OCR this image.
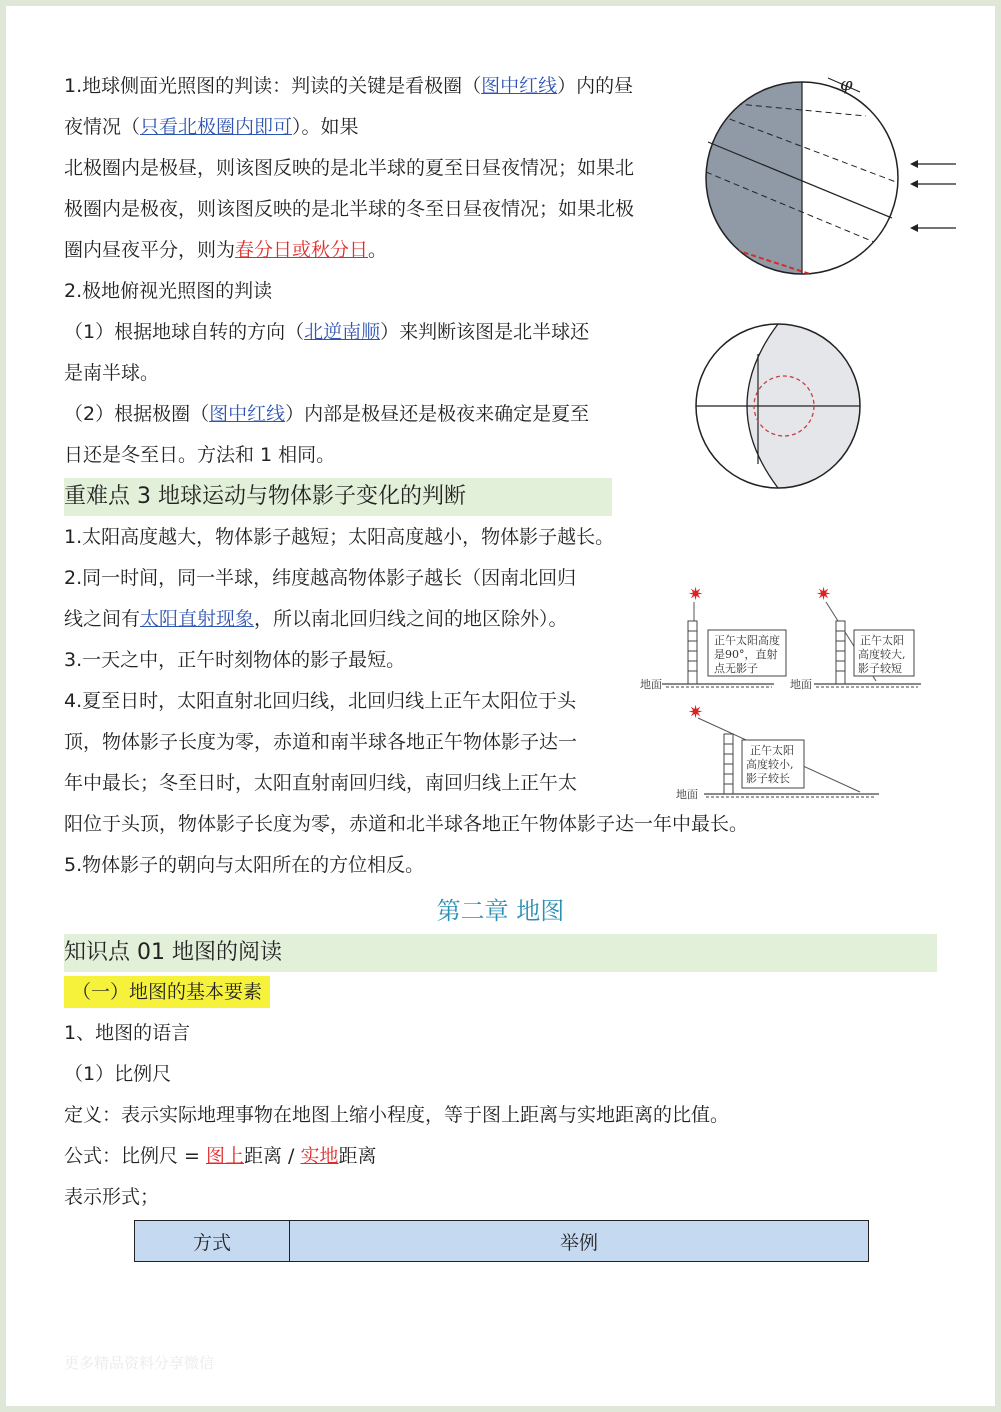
1.地球侧面光照图的判读：判读的关键是看极圈（图中红线）内的昼
夜情况（只看北极圈内即可）。如果
北极圈内是极昼，则该图反映的是北半球的夏至日昼夜情况；如果北
极圈内是极夜，则该图反映的是北半球的冬至日昼夜情况；如果北极
圈内昼夜平分，则为春分日或秋分日。
2.极地俯视光照图的判读
（1）根据地球自转的方向（北逆南顺）来判断该图是北半球还
是南半球。
（2）根据极圈（图中红线）内部是极昼还是极夜来确定是夏至
日还是冬至日。方法和 1 相同。
φ
重难点 3 地球运动与物体影子变化的判断
1.太阳高度越大，物体影子越短；太阳高度越小，物体影子越长。
2.同一时间，同一半球，纬度越高物体影子越长（因南北回归
线之间有太阳直射现象，所以南北回归线之间的地区除外）。
3.一天之中，正午时刻物体的影子最短。
4.夏至日时，太阳直射北回归线，北回归线上正午太阳位于头
顶，物体影子长度为零，赤道和南半球各地正午物体影子达一
年中最长；冬至日时，太阳直射南回归线，南回归线上正午太
阳位于头顶，物体影子长度为零，赤道和北半球各地正午物体影子达一年中最长。
5.物体影子的朝向与太阳所在的方位相反。
✷
正午太阳高度
是90°，直射
点无影子
地面
✷
正午太阳
高度较大,
影子较短
地面
✷
正午太阳
高度较小,
影子较长
地面
第二章 地图
知识点 01 地图的阅读
（一）地图的基本要素
1、地图的语言
（1）比例尺
定义：表示实际地理事物在地图上缩小程度，等于图上距离与实地距离的比值。
公式：比例尺 = 图上距离 / 实地距离
表示形式；
方式	举例
更多精品资料分享微信
